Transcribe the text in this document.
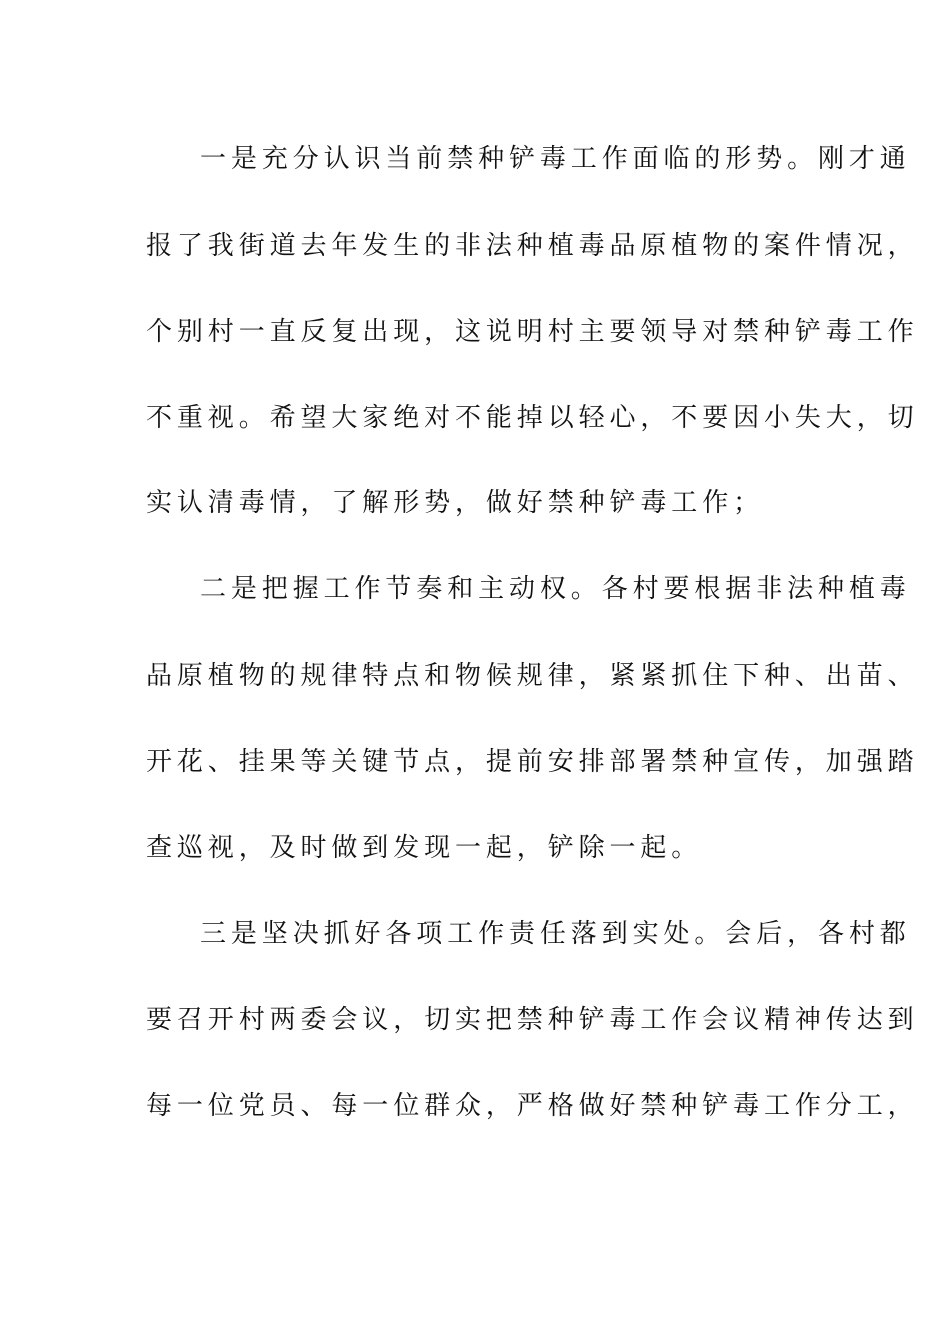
一是充分认识当前禁种铲毒工作面临的形势。刚才通
报了我街道去年发生的非法种植毒品原植物的案件情况，
个别村一直反复出现，这说明村主要领导对禁种铲毒工作
不重视。希望大家绝对不能掉以轻心，不要因小失大，切
实认清毒情，了解形势，做好禁种铲毒工作；
二是把握工作节奏和主动权。各村要根据非法种植毒
品原植物的规律特点和物候规律，紧紧抓住下种、出苗、
开花、挂果等关键节点，提前安排部署禁种宣传，加强踏
查巡视，及时做到发现一起，铲除一起。
三是坚决抓好各项工作责任落到实处。会后，各村都
要召开村两委会议，切实把禁种铲毒工作会议精神传达到
每一位党员、每一位群众，严格做好禁种铲毒工作分工，
